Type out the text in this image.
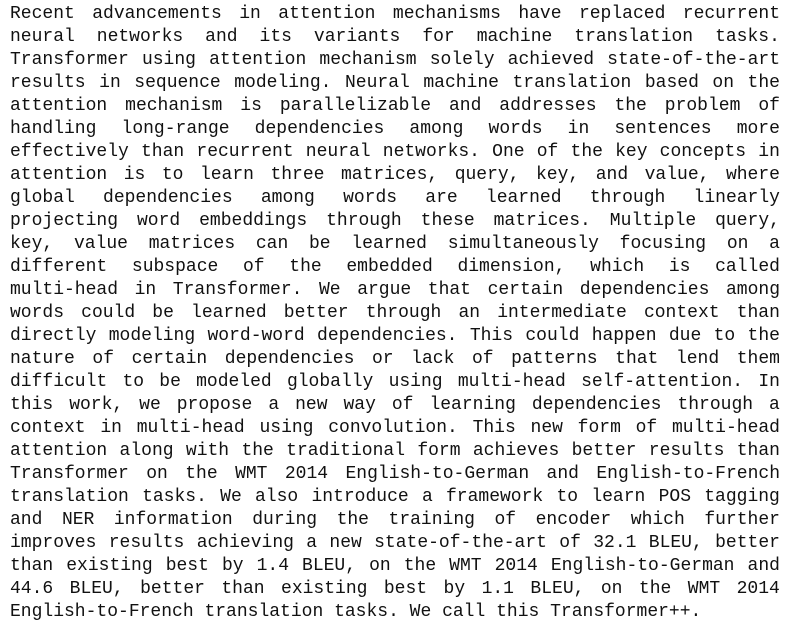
Recent advancements in attention mechanisms have replaced recurrent
neural networks and its variants for machine translation tasks.
Transformer using attention mechanism solely achieved state-of-the-art
results in sequence modeling. Neural machine translation based on the
attention mechanism is parallelizable and addresses the problem of
handling long-range dependencies among words in sentences more
effectively than recurrent neural networks. One of the key concepts in
attention is to learn three matrices, query, key, and value, where
global dependencies among words are learned through linearly
projecting word embeddings through these matrices. Multiple query,
key, value matrices can be learned simultaneously focusing on a
different subspace of the embedded dimension, which is called
multi-head in Transformer. We argue that certain dependencies among
words could be learned better through an intermediate context than
directly modeling word-word dependencies. This could happen due to the
nature of certain dependencies or lack of patterns that lend them
difficult to be modeled globally using multi-head self-attention. In
this work, we propose a new way of learning dependencies through a
context in multi-head using convolution. This new form of multi-head
attention along with the traditional form achieves better results than
Transformer on the WMT 2014 English-to-German and English-to-French
translation tasks. We also introduce a framework to learn POS tagging
and NER information during the training of encoder which further
improves results achieving a new state-of-the-art of 32.1 BLEU, better
than existing best by 1.4 BLEU, on the WMT 2014 English-to-German and
44.6 BLEU, better than existing best by 1.1 BLEU, on the WMT 2014
English-to-French translation tasks. We call this Transformer++.
